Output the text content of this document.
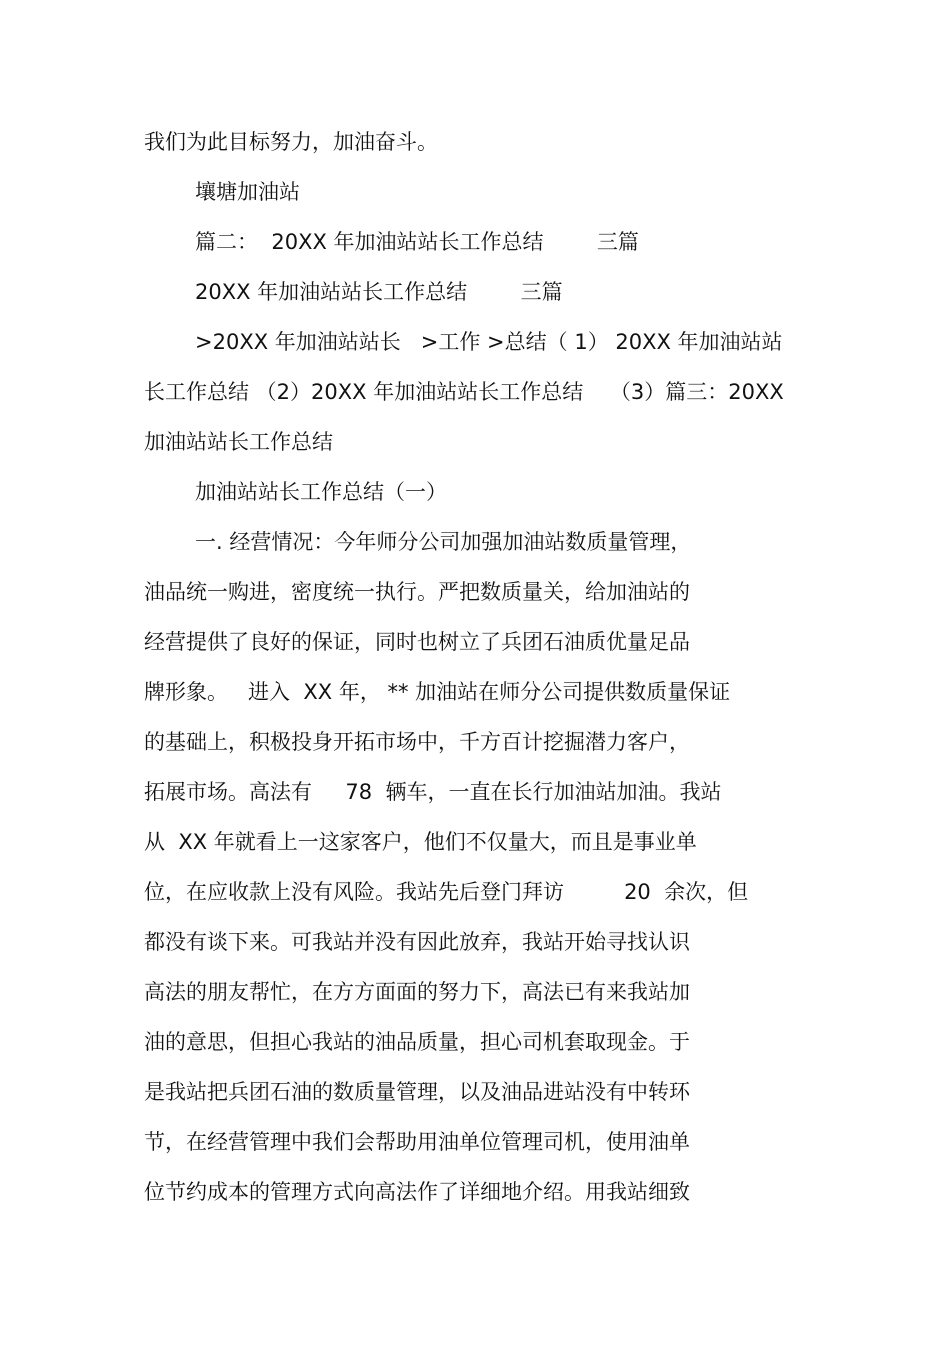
我们为此目标努力，加油奋斗。
壤塘加油站
篇二：  20XX 年加油站站长工作总结        三篇
20XX 年加油站站长工作总结        三篇
>20XX 年加油站站长   >工作 >总结（ 1） 20XX 年加油站站
长工作总结 （2）20XX 年加油站站长工作总结    （3）篇三：20XX
加油站站长工作总结
加油站站长工作总结（一）
一. 经营情况：今年师分公司加强加油站数质量管理，
油品统一购进，密度统一执行。严把数质量关，给加油站的
经营提供了良好的保证，同时也树立了兵团石油质优量足品
牌形象。   进入  XX 年， ** 加油站在师分公司提供数质量保证
的基础上，积极投身开拓市场中，千方百计挖掘潜力客户，
拓展市场。高法有     78  辆车，一直在长行加油站加油。我站
从  XX 年就看上一这家客户，他们不仅量大，而且是事业单
位，在应收款上没有风险。我站先后登门拜访         20  余次，但
都没有谈下来。可我站并没有因此放弃，我站开始寻找认识
高法的朋友帮忙，在方方面面的努力下，高法已有来我站加
油的意思，但担心我站的油品质量，担心司机套取现金。于
是我站把兵团石油的数质量管理，以及油品进站没有中转环
节，在经营管理中我们会帮助用油单位管理司机，使用油单
位节约成本的管理方式向高法作了详细地介绍。用我站细致
